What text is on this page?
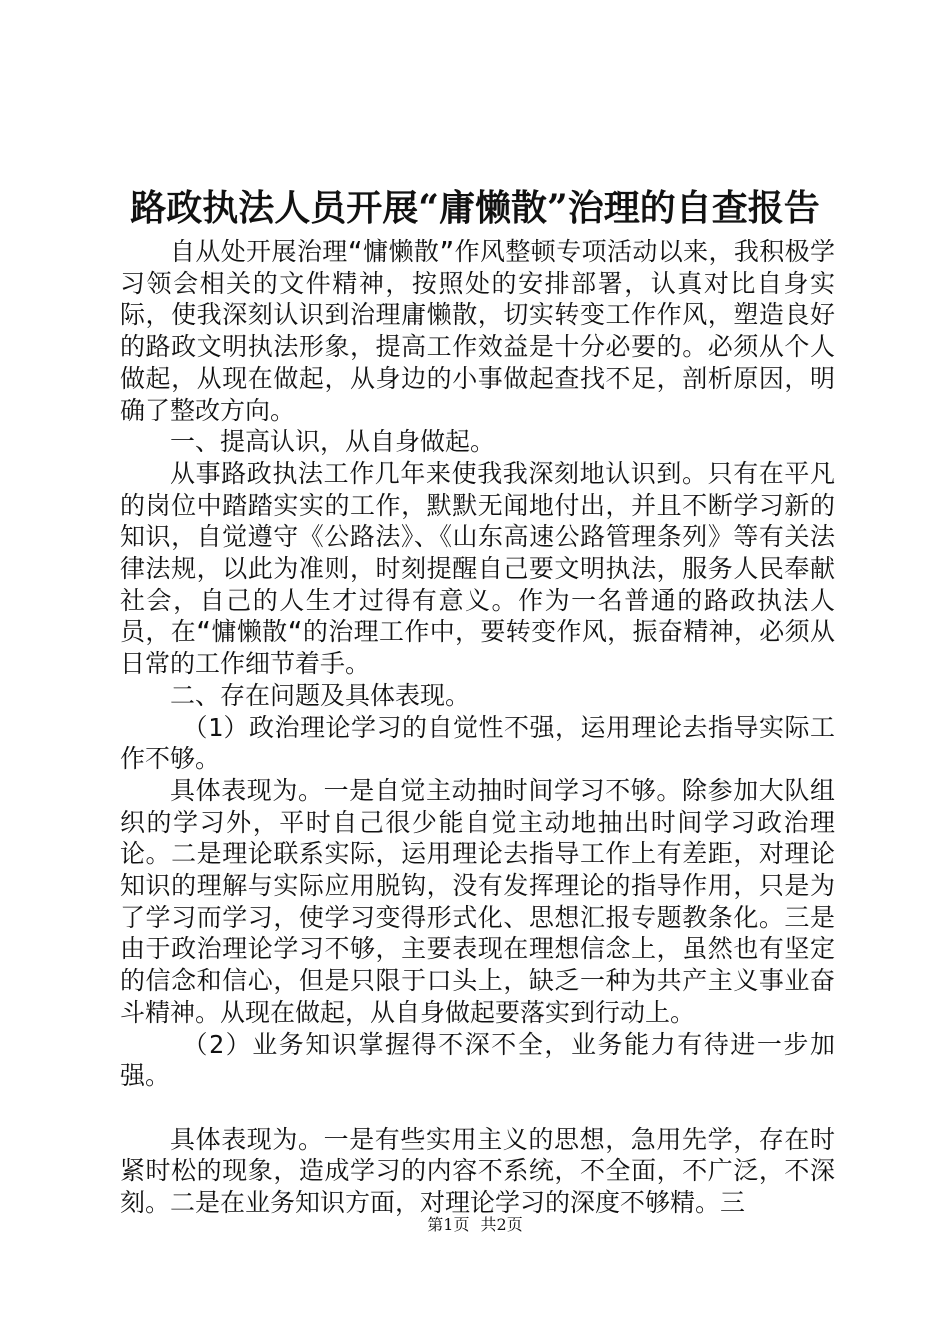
路政执法人员开展“庸懒散”治理的自查报告

自从处开展治理“慵懒散”作风整顿专项活动以来，我积极学习领会相关的文件精神，按照处的安排部署，认真对比自身实际，使我深刻认识到治理庸懒散，切实转变工作作风，塑造良好的路政文明执法形象，提高工作效益是十分必要的。必须从个人做起，从现在做起，从身边的小事做起查找不足，剖析原因，明确了整改方向。

一、提高认识，从自身做起。

从事路政执法工作几年来使我我深刻地认识到。只有在平凡的岗位中踏踏实实的工作，默默无闻地付出，并且不断学习新的知识，自觉遵守《公路法》、《山东高速公路管理条列》等有关法律法规，以此为准则，时刻提醒自己要文明执法，服务人民奉献社会，自己的人生才过得有意义。作为一名普通的路政执法人员，在“慵懒散“的治理工作中，要转变作风，振奋精神，必须从日常的工作细节着手。

二、存在问题及具体表现。

（1）政治理论学习的自觉性不强，运用理论去指导实际工作不够。

具体表现为。一是自觉主动抽时间学习不够。除参加大队组织的学习外，平时自己很少能自觉主动地抽出时间学习政治理论。二是理论联系实际，运用理论去指导工作上有差距，对理论知识的理解与实际应用脱钩，没有发挥理论的指导作用，只是为了学习而学习，使学习变得形式化、思想汇报专题教条化。三是由于政治理论学习不够，主要表现在理想信念上，虽然也有坚定的信念和信心，但是只限于口头上，缺乏一种为共产主义事业奋斗精神。从现在做起，从自身做起要落实到行动上。

（2）业务知识掌握得不深不全，业务能力有待进一步加强。

具体表现为。一是有些实用主义的思想，急用先学，存在时紧时松的现象，造成学习的内容不系统，不全面，不广泛，不深刻。二是在业务知识方面，对理论学习的深度不够精。三

第1页 共2页
